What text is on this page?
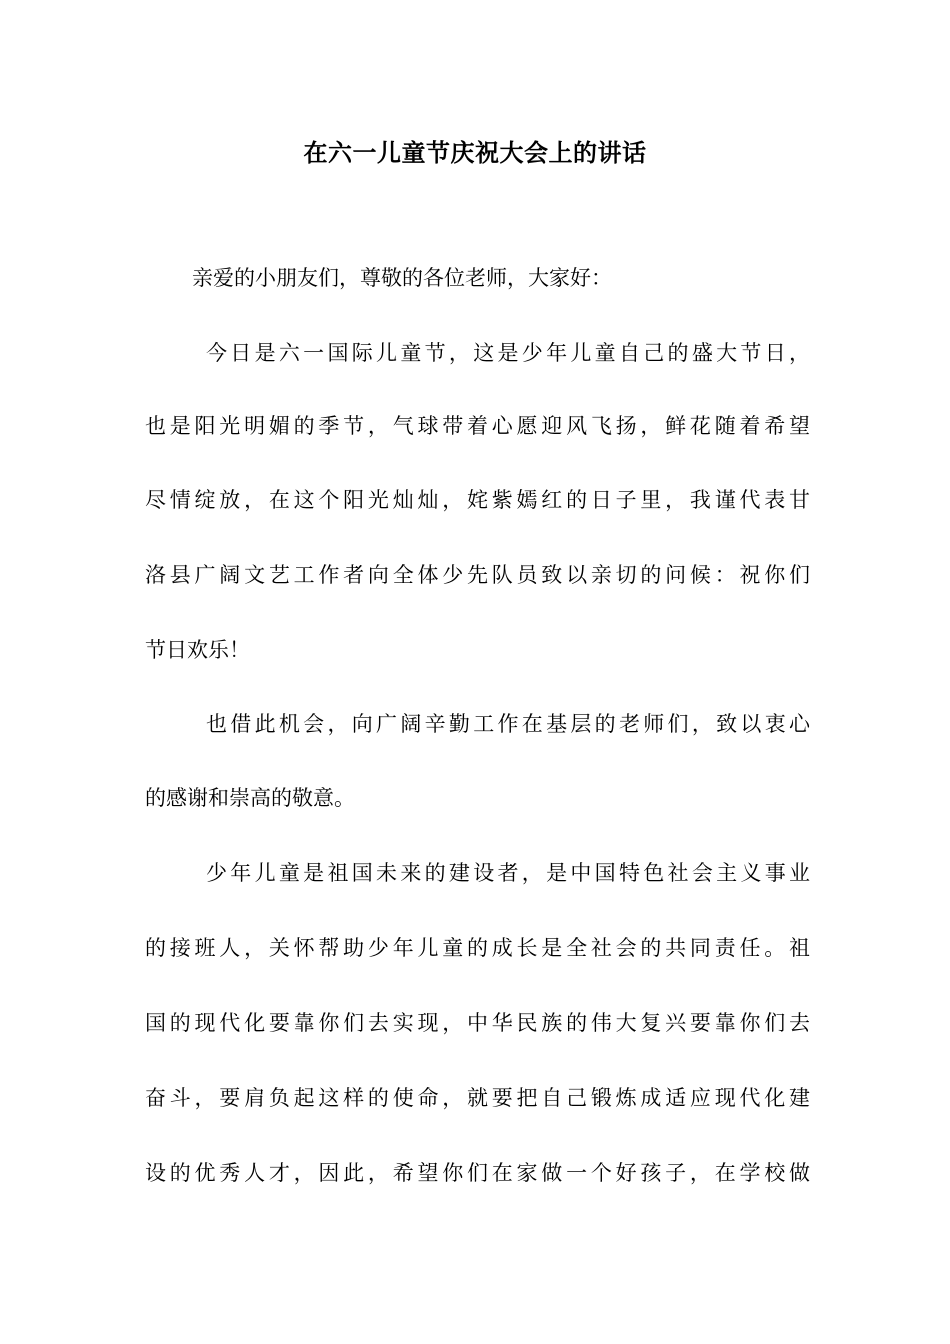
在六一儿童节庆祝大会上的讲话
亲爱的小朋友们，尊敬的各位老师，大家好：
今日是六一国际儿童节，这是少年儿童自己的盛大节日，
也是阳光明媚的季节，气球带着心愿迎风飞扬，鲜花随着希望
尽情绽放，在这个阳光灿灿，姹紫嫣红的日子里，我谨代表甘
洛县广阔文艺工作者向全体少先队员致以亲切的问候：祝你们
节日欢乐！
也借此机会，向广阔辛勤工作在基层的老师们，致以衷心
的感谢和崇高的敬意。
少年儿童是祖国未来的建设者，是中国特色社会主义事业
的接班人，关怀帮助少年儿童的成长是全社会的共同责任。祖
国的现代化要靠你们去实现，中华民族的伟大复兴要靠你们去
奋斗，要肩负起这样的使命，就要把自己锻炼成适应现代化建
设的优秀人才，因此，希望你们在家做一个好孩子，在学校做
